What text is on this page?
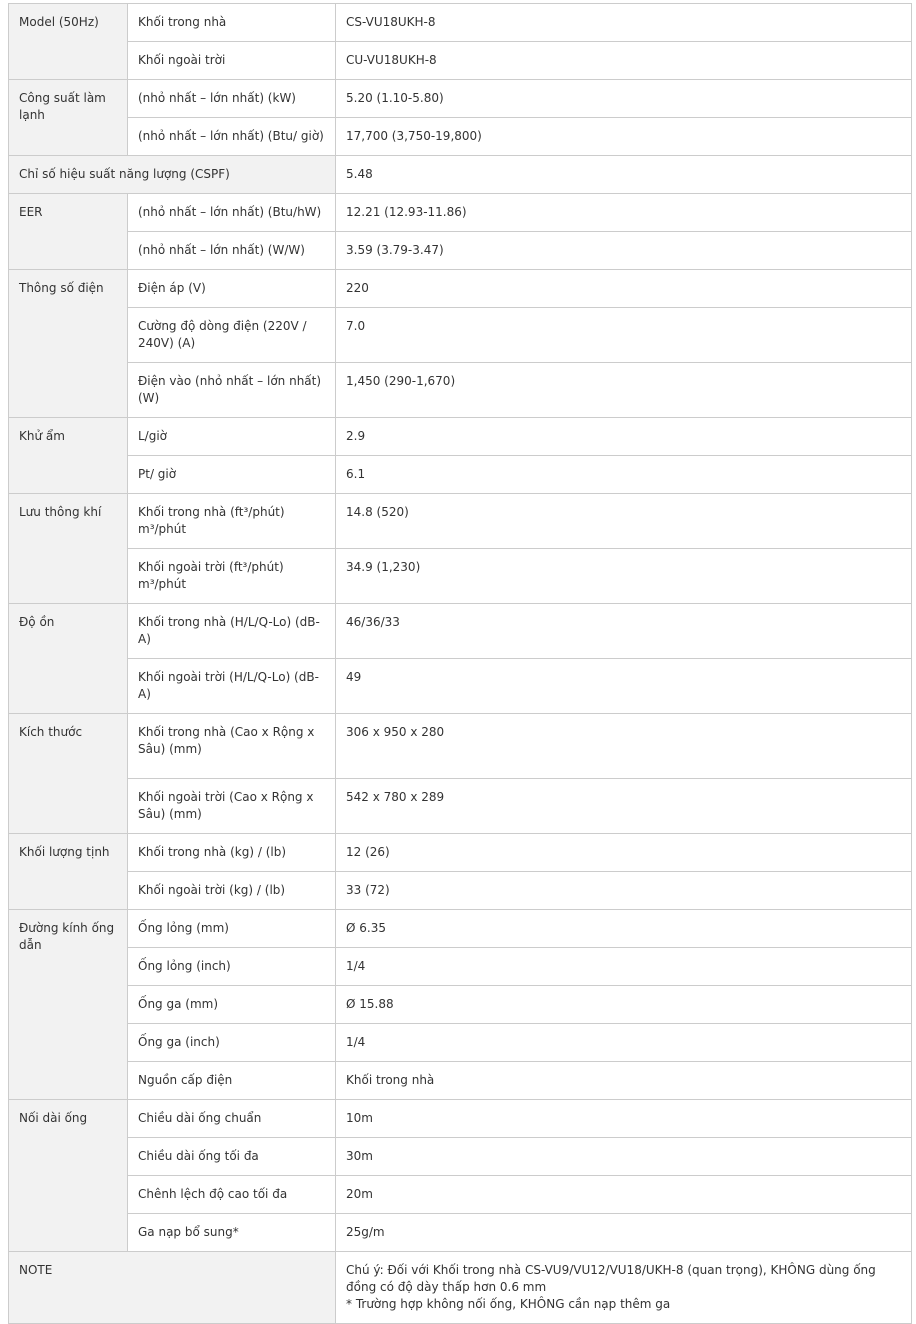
Model (50Hz)	Khối trong nhà	CS-VU18UKH-8
	Khối ngoài trời	CU-VU18UKH-8
Công suất làm lạnh	(nhỏ nhất – lớn nhất) (kW)	5.20 (1.10-5.80)
	(nhỏ nhất – lớn nhất) (Btu/ giờ)	17,700 (3,750-19,800)
Chỉ số hiệu suất năng lượng (CSPF)		5.48
EER	(nhỏ nhất – lớn nhất) (Btu/hW)	12.21 (12.93-11.86)
	(nhỏ nhất – lớn nhất) (W/W)	3.59 (3.79-3.47)
Thông số điện	Điện áp (V)	220
	Cường độ dòng điện (220V / 240V) (A)	7.0
	Điện vào (nhỏ nhất – lớn nhất) (W)	1,450 (290-1,670)
Khử ẩm	L/giờ	2.9
	Pt/ giờ	6.1
Lưu thông khí	Khối trong nhà (ft³/phút) m³/phút	14.8 (520)
	Khối ngoài trời (ft³/phút) m³/phút	34.9 (1,230)
Độ ồn	Khối trong nhà (H/L/Q-Lo) (dB-A)	46/36/33
	Khối ngoài trời (H/L/Q-Lo) (dB-A)	49
Kích thước	Khối trong nhà (Cao x Rộng x Sâu) (mm)	306 x 950 x 280
	Khối ngoài trời (Cao x Rộng x Sâu) (mm)	542 x 780 x 289
Khối lượng tịnh	Khối trong nhà (kg) / (lb)	12 (26)
	Khối ngoài trời (kg) / (lb)	33 (72)
Đường kính ống dẫn	Ống lỏng (mm)	Ø 6.35
	Ống lỏng (inch)	1/4
	Ống ga (mm)	Ø 15.88
	Ống ga (inch)	1/4
	Nguồn cấp điện	Khối trong nhà
Nối dài ống	Chiều dài ống chuẩn	10m
	Chiều dài ống tối đa	30m
	Chênh lệch độ cao tối đa	20m
	Ga nạp bổ sung*	25g/m
NOTE		Chú ý: Đối với Khối trong nhà CS-VU9/VU12/VU18/UKH-8 (quan trọng), KHÔNG dùng ống đồng có độ dày thấp hơn 0.6 mm
* Trường hợp không nối ống, KHÔNG cần nạp thêm ga
